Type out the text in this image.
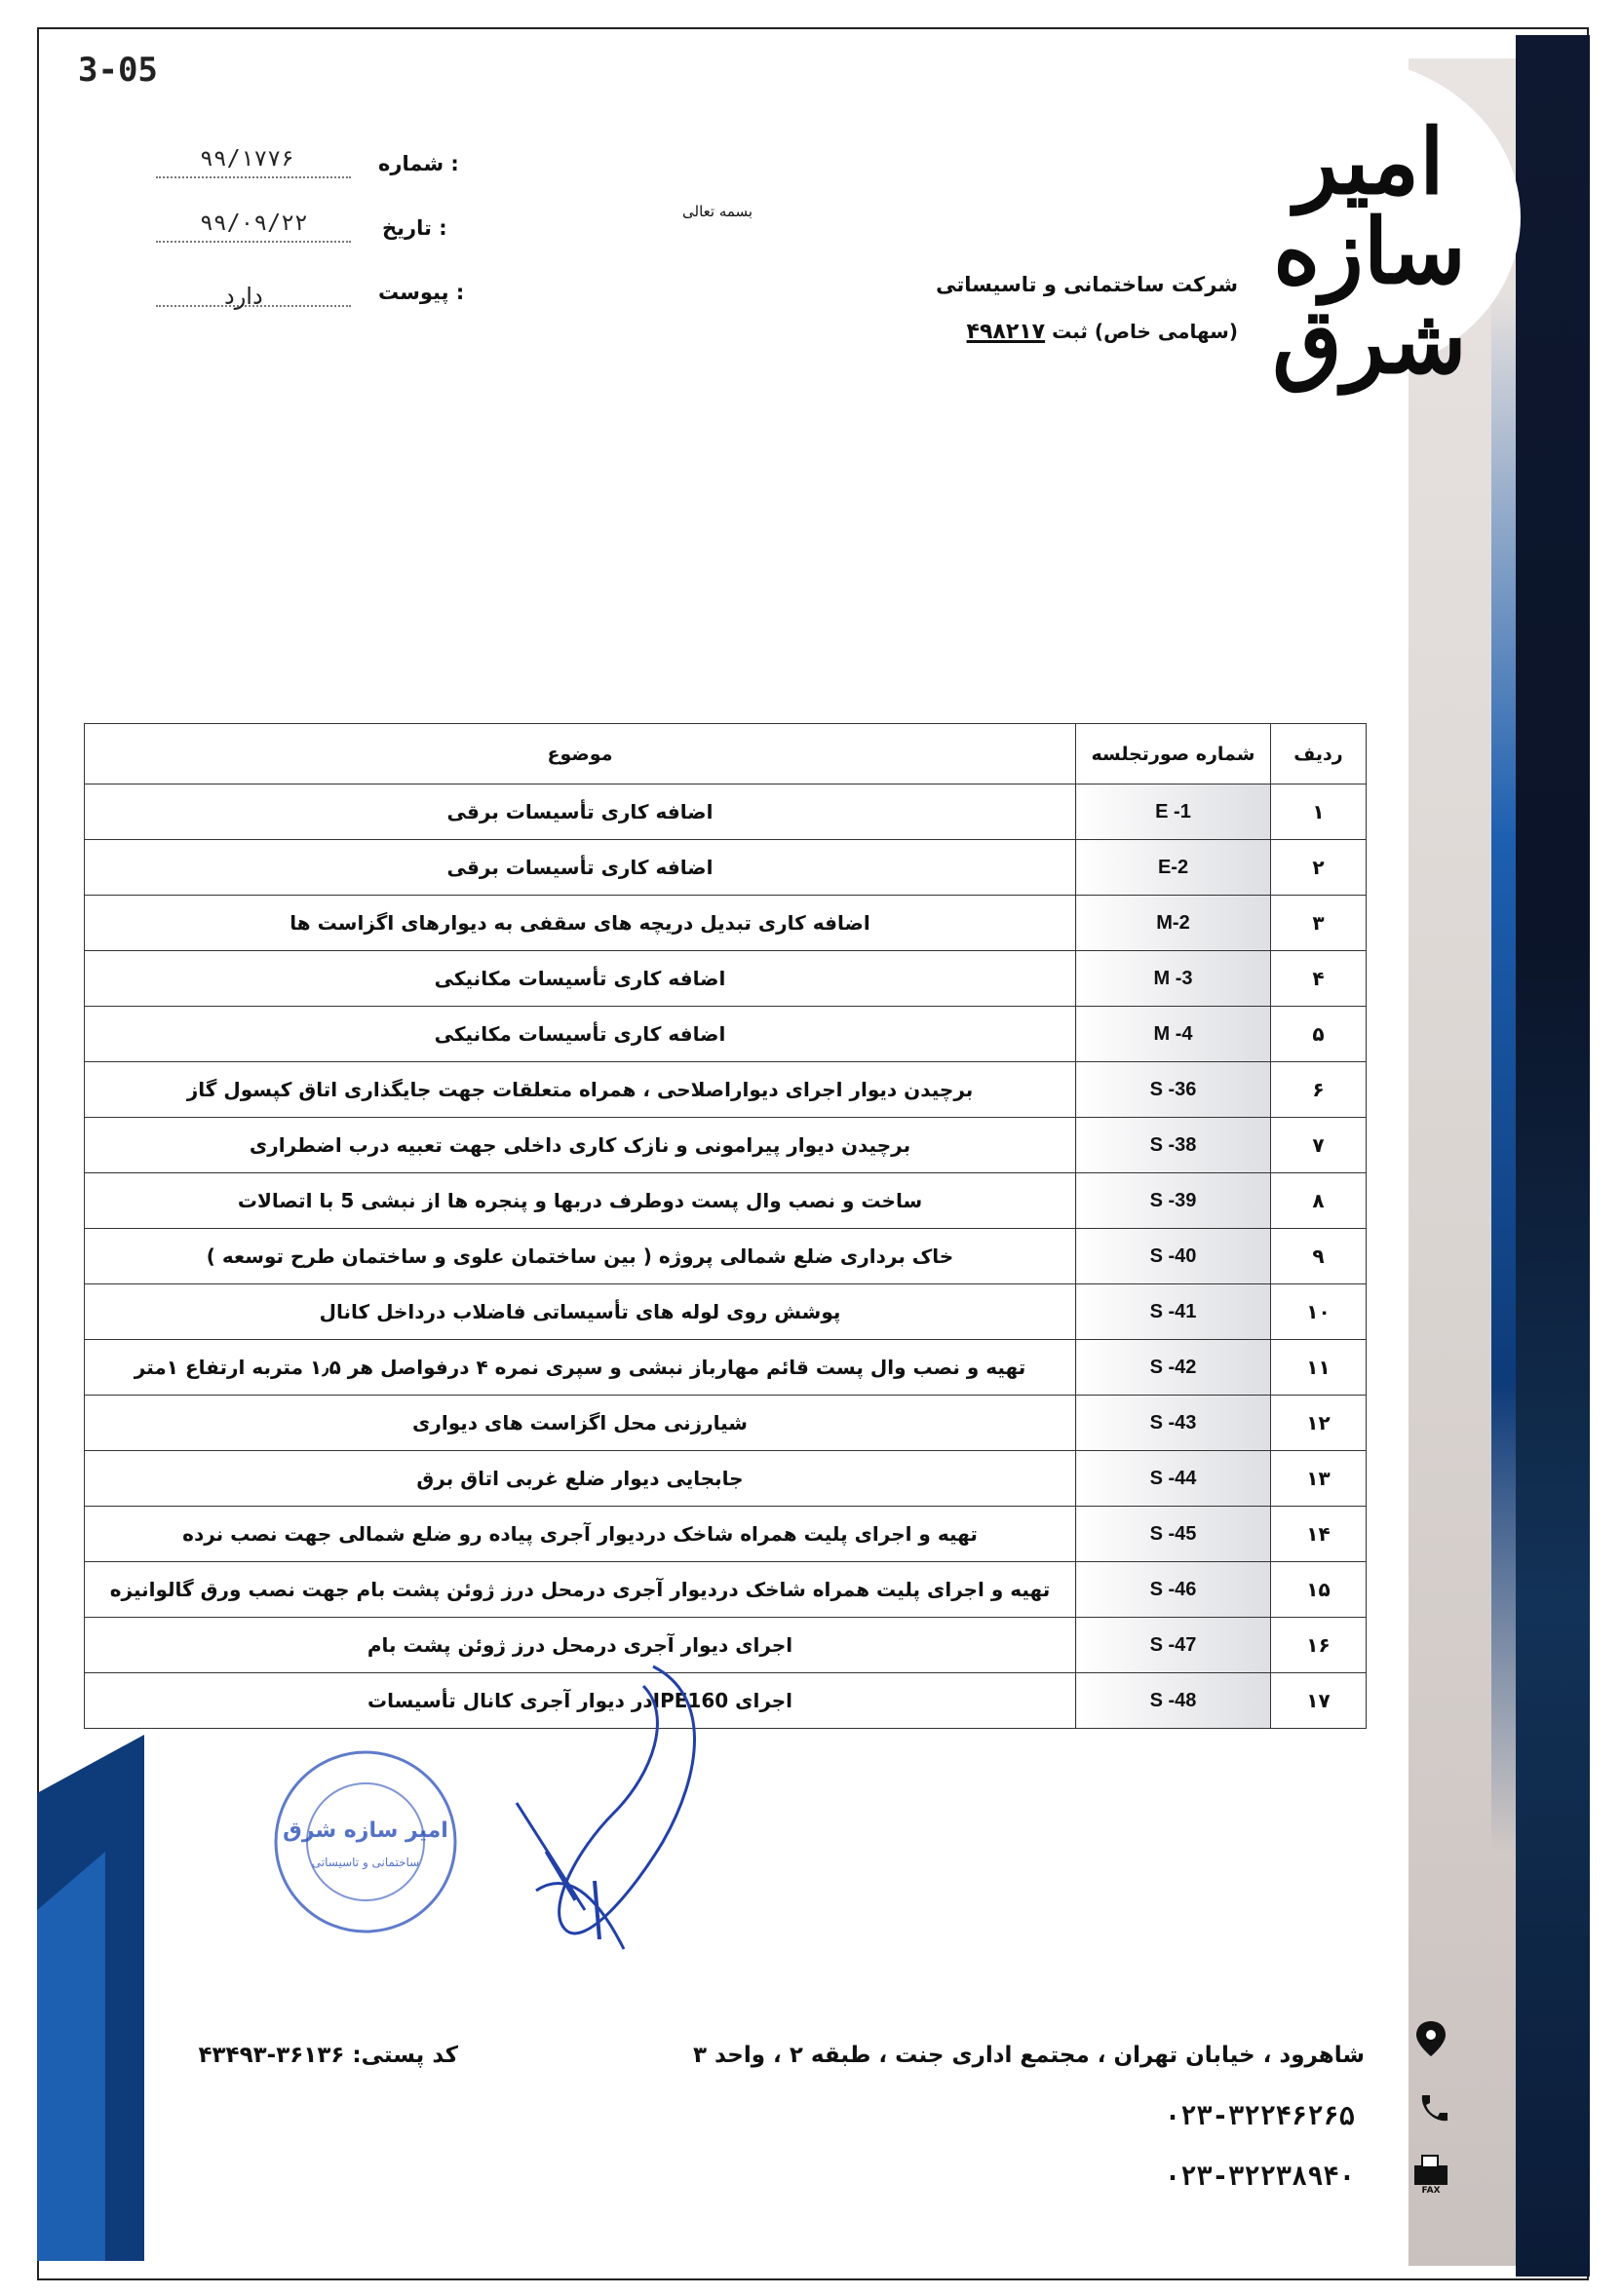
3-05
امیر سازه شرق
شرکت ساختمانی و تاسیساتی
(سهامی خاص) ثبت ۴۹۸۲۱۷
بسمه تعالی
شماره :
۹۹/۱۷۷۶
تاریخ :
۹۹/۰۹/۲۲
پیوست :
دارد
ردیف	شماره صورتجلسه	موضوع
۱	E -1	اضافه کاری تأسیسات برقی
۲	E-2	اضافه کاری تأسیسات برقی
۳	M-2	اضافه کاری تبدیل دریچه های سقفی به دیوارهای اگزاست ها
۴	M -3	اضافه کاری تأسیسات مکانیکی
۵	M -4	اضافه کاری تأسیسات مکانیکی
۶	S -36	برچیدن دیوار اجرای دیواراصلاحی ، همراه متعلقات جهت جایگذاری اتاق کپسول گاز
۷	S -38	برچیدن دیوار پیرامونی و نازک کاری داخلی جهت تعبیه درب اضطراری
۸	S -39	ساخت و نصب وال پست دوطرف دربها و پنجره ها از نبشی 5 با اتصالات
۹	S -40	خاک برداری ضلع شمالی پروژه ( بین ساختمان علوی و ساختمان طرح توسعه )
۱۰	S -41	پوشش روی لوله های تأسیساتی فاضلاب درداخل کانال
۱۱	S -42	تهیه و نصب وال پست قائم مهارباز نبشی و سپری نمره ۴ درفواصل هر ۱٫۵ متربه ارتفاع ۱متر
۱۲	S -43	شیارزنی محل اگزاست های دیواری
۱۳	S -44	جابجایی دیوار ضلع غربی اتاق برق
۱۴	S -45	تهیه و اجرای پلیت همراه شاخک دردیوار آجری پیاده رو ضلع شمالی جهت نصب نرده
۱۵	S -46	تهیه و اجرای پلیت همراه شاخک دردیوار آجری درمحل درز ژوئن پشت بام جهت نصب ورق گالوانیزه
۱۶	S -47	اجرای دیوار آجری درمحل درز ژوئن پشت بام
۱۷	S -48	اجرای IPE160در دیوار آجری کانال تأسیسات
امیر سازه شرق
ساختمانی و تاسیساتی
شاهرود ، خیابان تهران ، مجتمع اداری جنت ، طبقه ۲ ، واحد ۳
کد پستی: ۳۶۱۳۶-۴۳۴۹۳
۰۲۳-۳۲۲۴۶۲۶۵
۰۲۳-۳۲۲۳۸۹۴۰	FAX
